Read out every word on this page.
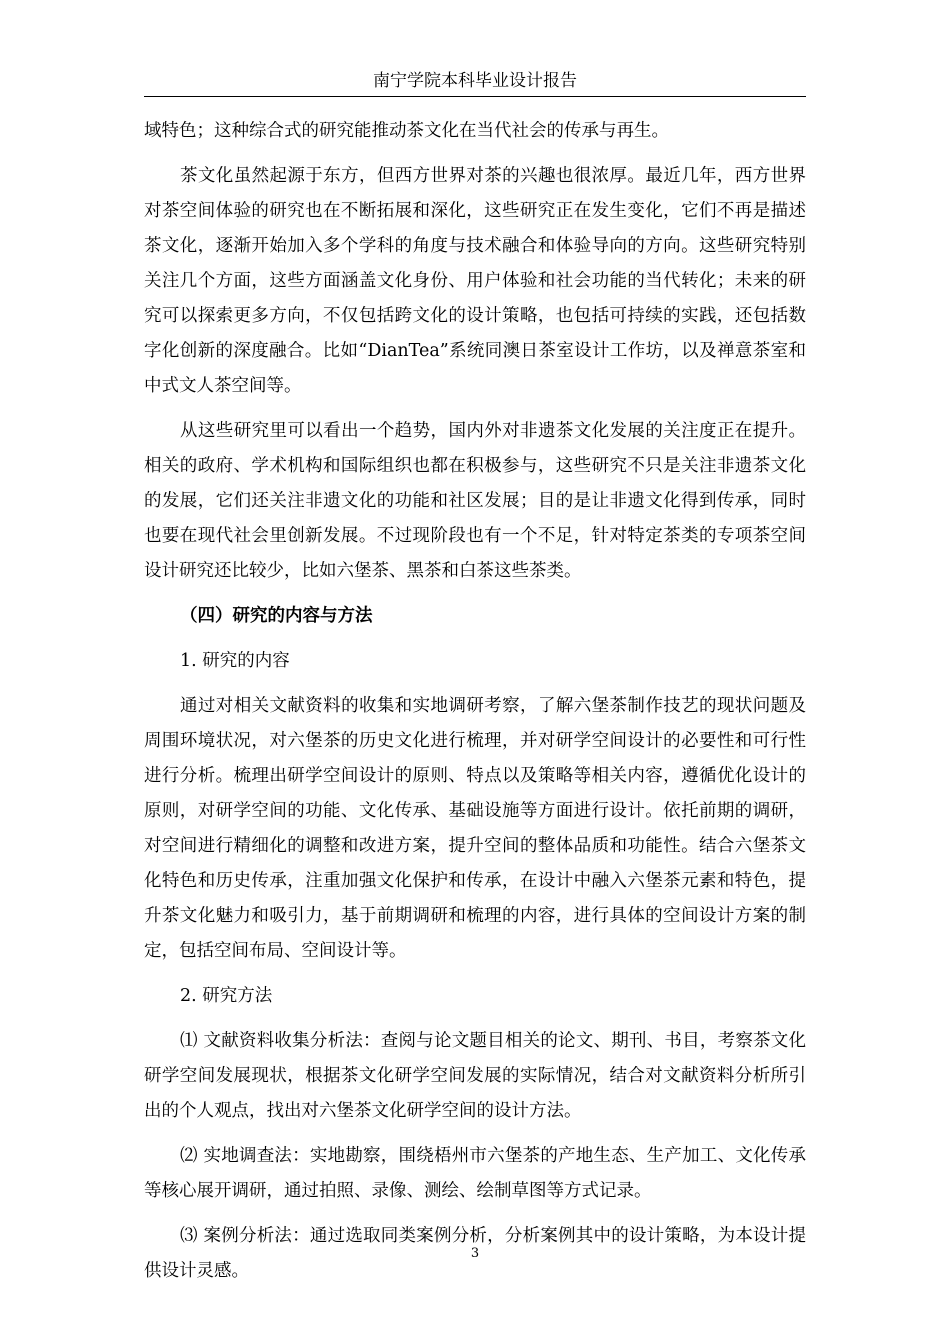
南宁学院本科毕业设计报告

域特色；这种综合式的研究能推动茶文化在当代社会的传承与再生。

茶文化虽然起源于东方，但西方世界对茶的兴趣也很浓厚。最近几年，西方世界对茶空间体验的研究也在不断拓展和深化，这些研究正在发生变化，它们不再是描述茶文化，逐渐开始加入多个学科的角度与技术融合和体验导向的方向。这些研究特别关注几个方面，这些方面涵盖文化身份、用户体验和社会功能的当代转化；未来的研究可以探索更多方向，不仅包括跨文化的设计策略，也包括可持续的实践，还包括数字化创新的深度融合。比如“DianTea”系统同澳日茶室设计工作坊，以及禅意茶室和中式文人茶空间等。

从这些研究里可以看出一个趋势，国内外对非遗茶文化发展的关注度正在提升。相关的政府、学术机构和国际组织也都在积极参与，这些研究不只是关注非遗茶文化的发展，它们还关注非遗文化的功能和社区发展；目的是让非遗文化得到传承，同时也要在现代社会里创新发展。不过现阶段也有一个不足，针对特定茶类的专项茶空间设计研究还比较少，比如六堡茶、黑茶和白茶这些茶类。

（四）研究的内容与方法

1. 研究的内容

通过对相关文献资料的收集和实地调研考察，了解六堡茶制作技艺的现状问题及周围环境状况，对六堡茶的历史文化进行梳理，并对研学空间设计的必要性和可行性进行分析。梳理出研学空间设计的原则、特点以及策略等相关内容，遵循优化设计的原则，对研学空间的功能、文化传承、基础设施等方面进行设计。依托前期的调研，对空间进行精细化的调整和改进方案，提升空间的整体品质和功能性。结合六堡茶文化特色和历史传承，注重加强文化保护和传承，在设计中融入六堡茶元素和特色，提升茶文化魅力和吸引力，基于前期调研和梳理的内容，进行具体的空间设计方案的制定，包括空间布局、空间设计等。

2. 研究方法

⑴ 文献资料收集分析法：查阅与论文题目相关的论文、期刊、书目，考察茶文化研学空间发展现状，根据茶文化研学空间发展的实际情况，结合对文献资料分析所引出的个人观点，找出对六堡茶文化研学空间的设计方法。

⑵ 实地调查法：实地勘察，围绕梧州市六堡茶的产地生态、生产加工、文化传承等核心展开调研，通过拍照、录像、测绘、绘制草图等方式记录。

⑶ 案例分析法：通过选取同类案例分析，分析案例其中的设计策略，为本设计提供设计灵感。

3
